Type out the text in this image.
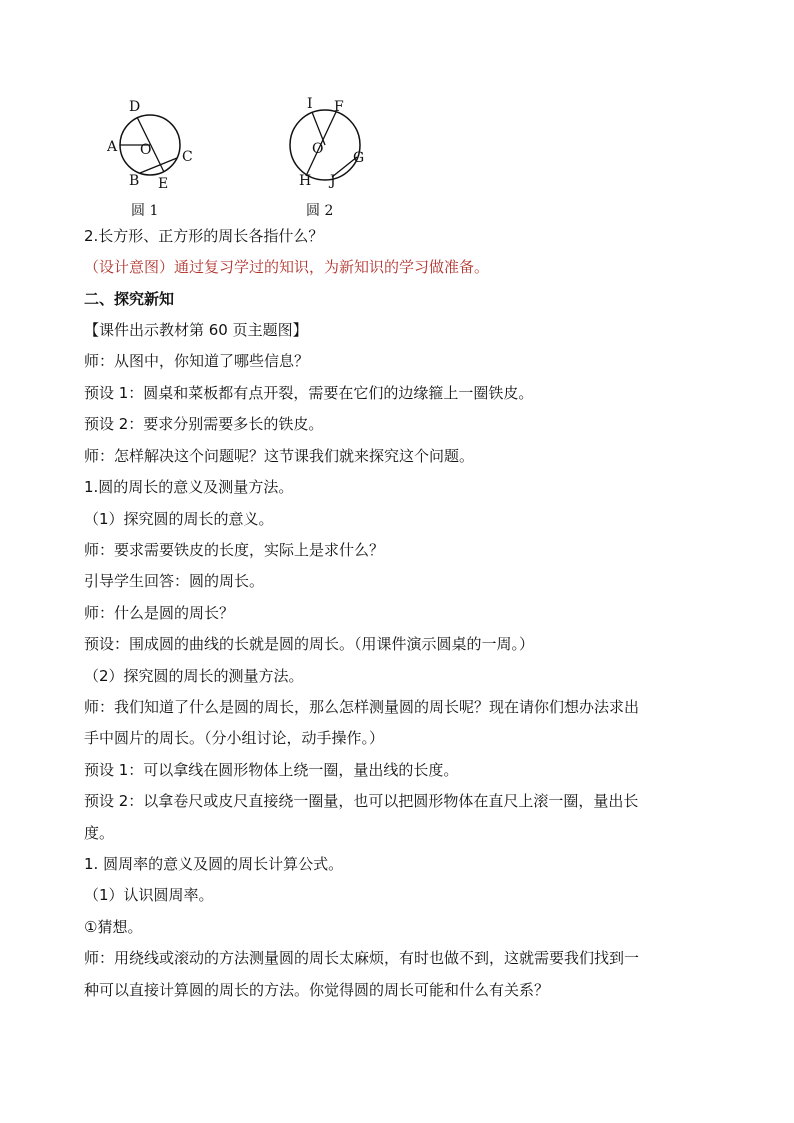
D
A O C
B E
圆 1
I F
O
G
H J
圆 2
2.长方形、正方形的周长各指什么？
（设计意图）通过复习学过的知识，为新知识的学习做准备。
二、探究新知
【课件出示教材第 60 页主题图】
师：从图中，你知道了哪些信息？
预设 1：圆桌和菜板都有点开裂，需要在它们的边缘箍上一圈铁皮。
预设 2：要求分别需要多长的铁皮。
师：怎样解决这个问题呢？这节课我们就来探究这个问题。
1.圆的周长的意义及测量方法。
（1）探究圆的周长的意义。
师：要求需要铁皮的长度，实际上是求什么？
引导学生回答：圆的周长。
师：什么是圆的周长？
预设：围成圆的曲线的长就是圆的周长。（用课件演示圆桌的一周。）
（2）探究圆的周长的测量方法。
师：我们知道了什么是圆的周长，那么怎样测量圆的周长呢？现在请你们想办法求出
手中圆片的周长。（分小组讨论，动手操作。）
预设 1：可以拿线在圆形物体上绕一圈，量出线的长度。
预设 2：以拿卷尺或皮尺直接绕一圈量，也可以把圆形物体在直尺上滚一圈，量出长
度。
1. 圆周率的意义及圆的周长计算公式。
（1）认识圆周率。
①猜想。
师：用绕线或滚动的方法测量圆的周长太麻烦，有时也做不到，这就需要我们找到一
种可以直接计算圆的周长的方法。你觉得圆的周长可能和什么有关系？
